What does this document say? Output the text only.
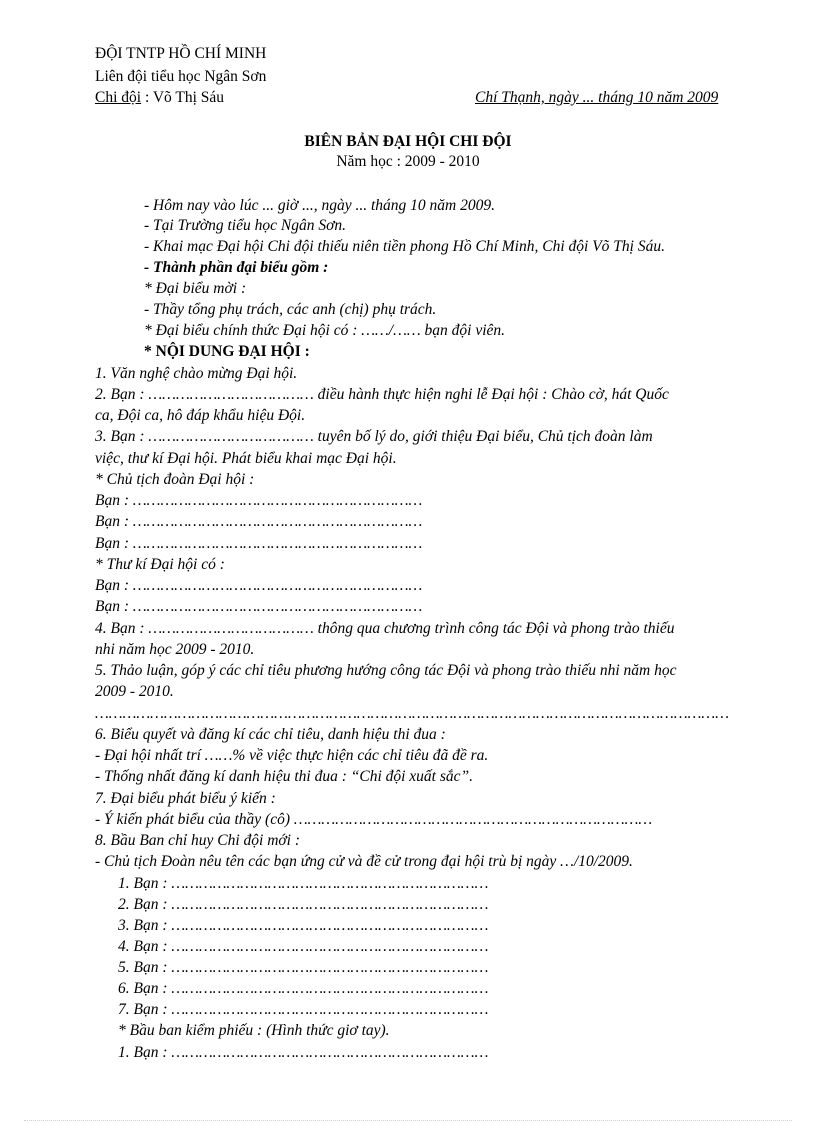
ĐỘI TNTP HỒ CHÍ MINH
Liên đội tiểu học Ngân Sơn
Chi đội : Võ Thị Sáu	Chí Thạnh, ngày ... tháng 10 năm 2009
BIÊN BẢN ĐẠI HỘI CHI ĐỘI
Năm học : 2009 - 2010
- Hôm nay vào lúc ... giờ ..., ngày ... tháng 10 năm 2009.
- Tại Trường tiểu học Ngân Sơn.
- Khai mạc Đại hội Chi đội thiếu niên tiền phong Hồ Chí Minh, Chi đội Võ Thị Sáu.
- Thành phần đại biểu gồm :
* Đại biểu mời :
- Thầy tổng phụ trách, các anh (chị) phụ trách.
* Đại biểu chính thức Đại hội có : ……/…… bạn đội viên.
* NỘI DUNG ĐẠI HỘI :
1. Văn nghệ chào mừng Đại hội.
2. Bạn : ……………………………… điều hành thực hiện nghi lễ Đại hội : Chào cờ, hát Quốc
ca, Đội ca, hô đáp khẩu hiệu Đội.
3. Bạn : ……………………………… tuyên bố lý do, giới thiệu Đại biểu, Chủ tịch đoàn làm
việc, thư kí Đại hội. Phát biểu khai mạc Đại hội.
* Chủ tịch đoàn Đại hội :
Bạn : ………………………………………………………
Bạn : ………………………………………………………
Bạn : ………………………………………………………
* Thư kí Đại hội có :
Bạn : ………………………………………………………
Bạn : ………………………………………………………
4. Bạn : ……………………………… thông qua chương trình công tác Đội và phong trào thiếu
nhi năm học 2009 - 2010.
5. Thảo luận, góp ý các chỉ tiêu phương hướng công tác Đội và phong trào thiếu nhi năm học
2009 - 2010.
…………………………………………………………………………………………………………………………
6. Biểu quyết và đăng kí các chỉ tiêu, danh hiệu thi đua :
- Đại hội nhất trí ……% về việc thực hiện các chỉ tiêu đã đề ra.
- Thống nhất đăng kí danh hiệu thi đua : “Chi đội xuất sắc”.
7. Đại biểu phát biểu ý kiến :
- Ý kiến phát biểu của thầy (cô) ……………………………………………………………………
8. Bầu Ban chỉ huy Chi đội mới :
- Chủ tịch Đoàn nêu tên các bạn ứng cử và đề cử trong đại hội trù bị ngày …/10/2009.
1. Bạn : ……………………………………………………………
2. Bạn : ……………………………………………………………
3. Bạn : ……………………………………………………………
4. Bạn : ……………………………………………………………
5. Bạn : ……………………………………………………………
6. Bạn : ……………………………………………………………
7. Bạn : ……………………………………………………………
* Bầu ban kiểm phiếu : (Hình thức giơ tay).
1. Bạn : ……………………………………………………………
